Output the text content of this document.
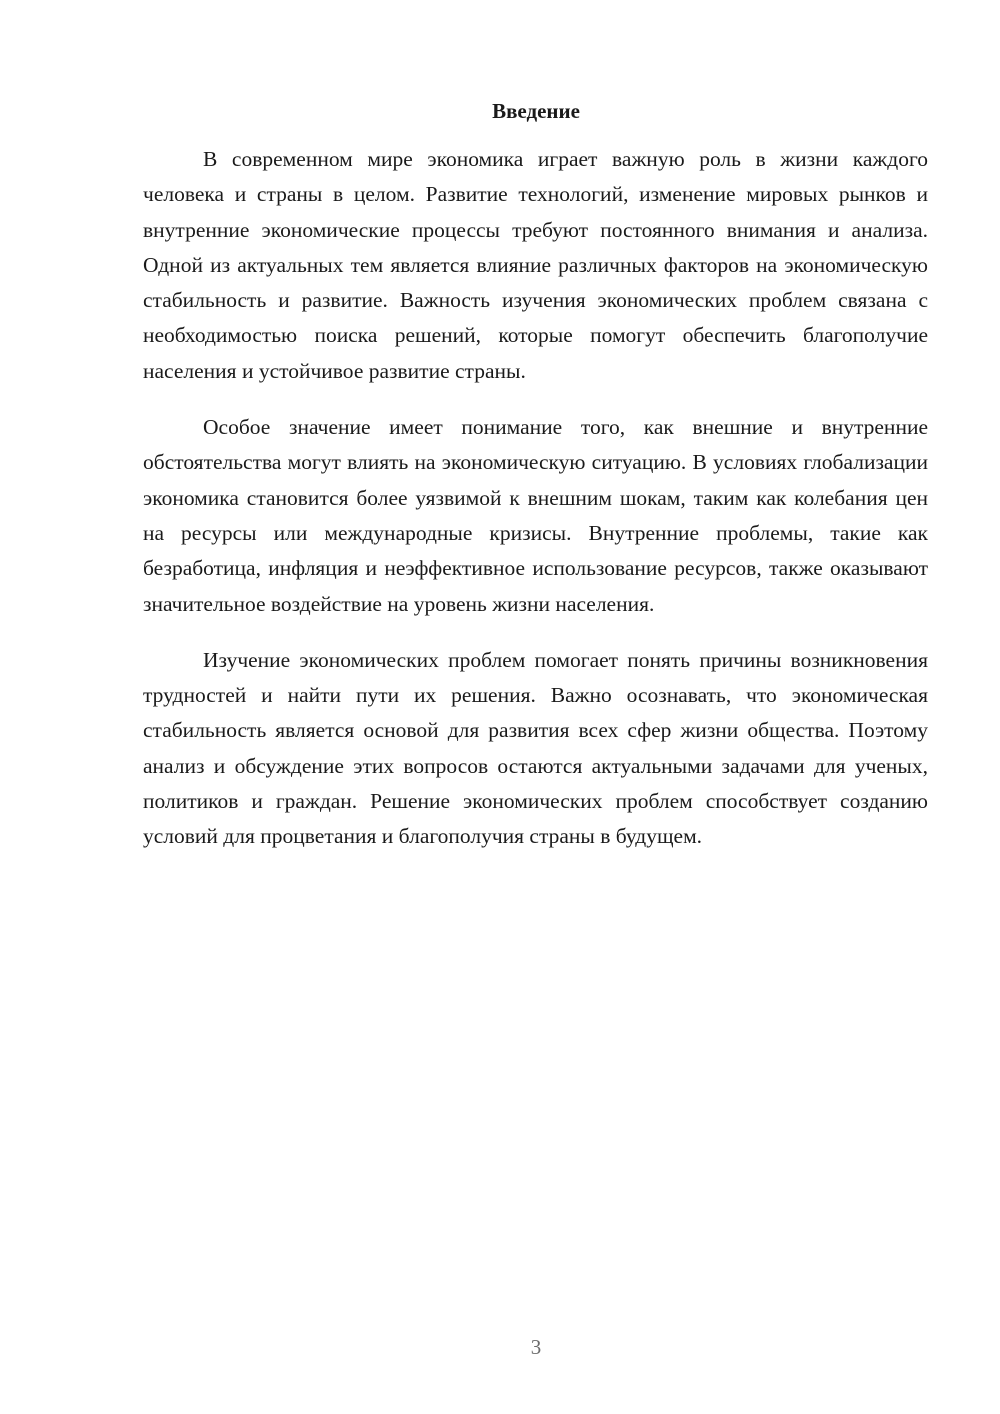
Введение

В современном мире экономика играет важную роль в жизни каждого человека и страны в целом. Развитие технологий, изменение мировых рынков и внутренние экономические процессы требуют постоянного внимания и анализа. Одной из актуальных тем является влияние различных факторов на экономическую стабильность и развитие. Важность изучения экономических проблем связана с необходимостью поиска решений, которые помогут обеспечить благополучие населения и устойчивое развитие страны.

Особое значение имеет понимание того, как внешние и внутренние обстоятельства могут влиять на экономическую ситуацию. В условиях глобализации экономика становится более уязвимой к внешним шокам, таким как колебания цен на ресурсы или международные кризисы. Внутренние проблемы, такие как безработица, инфляция и неэффективное использование ресурсов, также оказывают значительное воздействие на уровень жизни населения.

Изучение экономических проблем помогает понять причины возникновения трудностей и найти пути их решения. Важно осознавать, что экономическая стабильность является основой для развития всех сфер жизни общества. Поэтому анализ и обсуждение этих вопросов остаются актуальными задачами для ученых, политиков и граждан. Решение экономических проблем способствует созданию условий для процветания и благополучия страны в будущем.

3
